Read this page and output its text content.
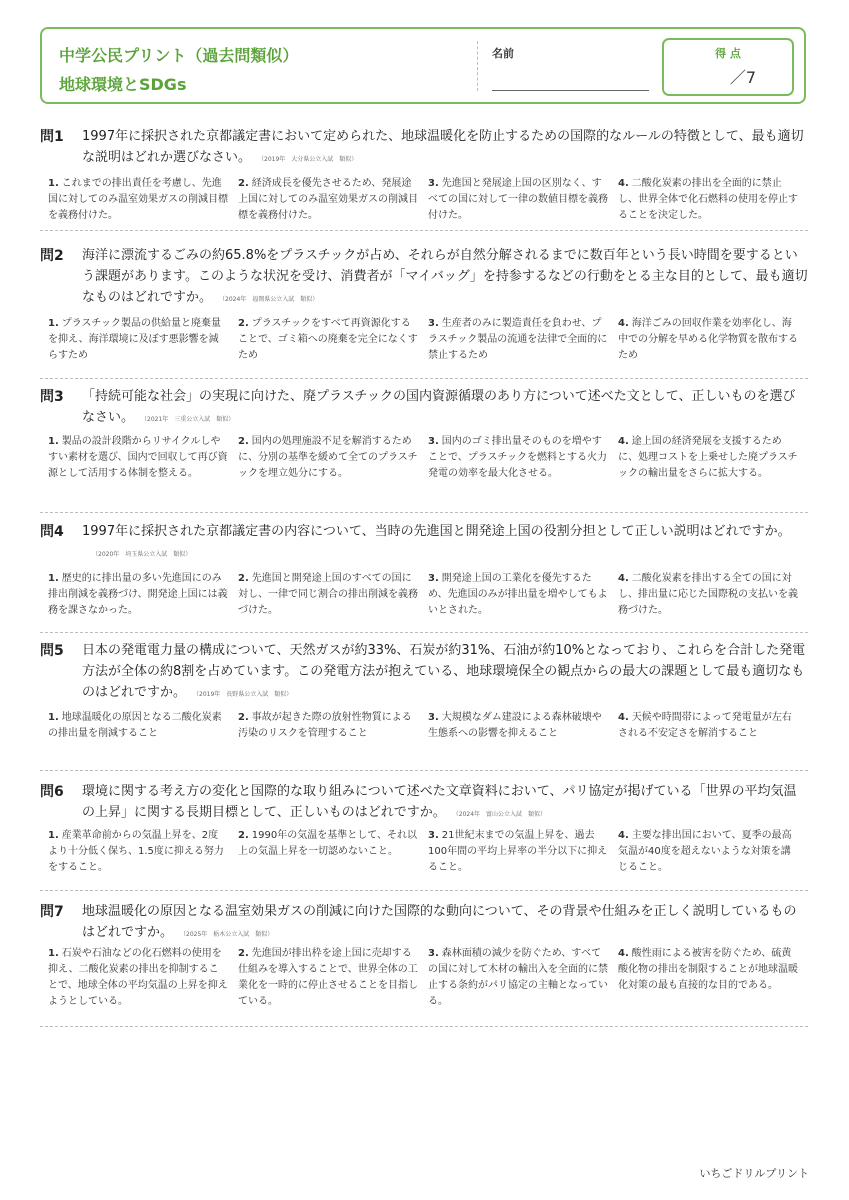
中学公民プリント（過去問類似）
地球環境とSDGs
名前	得 点
／7
問1 1997年に採択された京都議定書において定められた、地球温暖化を防止するための国際的なルールの特徴として、最も適切な説明はどれか選びなさい。 （2019年　大分県公立入試　類似）
1. これまでの排出責任を考慮し、先進国に対してのみ温室効果ガスの削減目標を義務付けた。
2. 経済成長を優先させるため、発展途上国に対してのみ温室効果ガスの削減目標を義務付けた。
3. 先進国と発展途上国の区別なく、すべての国に対して一律の数値目標を義務付けた。
4. 二酸化炭素の排出を全面的に禁止し、世界全体で化石燃料の使用を停止することを決定した。
問2 海洋に漂流するごみの約65.8%をプラスチックが占め、それらが自然分解されるまでに数百年という長い時間を要するという課題があります。このような状況を受け、消費者が「マイバッグ」を持参するなどの行動をとる主な目的として、最も適切なものはどれですか。 （2024年　福岡県公立入試　類似）
1. プラスチック製品の供給量と廃棄量を抑え、海洋環境に及ぼす悪影響を減らすため
2. プラスチックをすべて再資源化することで、ゴミ箱への廃棄を完全になくすため
3. 生産者のみに製造責任を負わせ、プラスチック製品の流通を法律で全面的に禁止するため
4. 海洋ごみの回収作業を効率化し、海中での分解を早める化学物質を散布するため
問3 「持続可能な社会」の実現に向けた、廃プラスチックの国内資源循環のあり方について述べた文として、正しいものを選びなさい。 （2021年　三重公立入試　類似）
1. 製品の設計段階からリサイクルしやすい素材を選び、国内で回収して再び資源として活用する体制を整える。
2. 国内の処理施設不足を解消するために、分別の基準を緩めて全てのプラスチックを埋立処分にする。
3. 国内のゴミ排出量そのものを増やすことで、プラスチックを燃料とする火力発電の効率を最大化させる。
4. 途上国の経済発展を支援するために、処理コストを上乗せした廃プラスチックの輸出量をさらに拡大する。
問4 1997年に採択された京都議定書の内容について、当時の先進国と開発途上国の役割分担として正しい説明はどれですか。（2020年　埼玉県公立入試　類似）
1. 歴史的に排出量の多い先進国にのみ排出削減を義務づけ、開発途上国には義務を課さなかった。
2. 先進国と開発途上国のすべての国に対し、一律で同じ割合の排出削減を義務づけた。
3. 開発途上国の工業化を優先するため、先進国のみが排出量を増やしてもよいとされた。
4. 二酸化炭素を排出する全ての国に対し、排出量に応じた国際税の支払いを義務づけた。
問5 日本の発電電力量の構成について、天然ガスが約33%、石炭が約31%、石油が約10%となっており、これらを合計した発電方法が全体の約8割を占めています。この発電方法が抱えている、地球環境保全の観点からの最大の課題として最も適切なものはどれですか。 （2019年　長野県公立入試　類似）
1. 地球温暖化の原因となる二酸化炭素の排出量を削減すること
2. 事故が起きた際の放射性物質による汚染のリスクを管理すること
3. 大規模なダム建設による森林破壊や生態系への影響を抑えること
4. 天候や時間帯によって発電量が左右される不安定さを解消すること
問6 環境に関する考え方の変化と国際的な取り組みについて述べた文章資料において、パリ協定が掲げている「世界の平均気温の上昇」に関する長期目標として、正しいものはどれですか。 （2024年　富山公立入試　類似）
1. 産業革命前からの気温上昇を、2度より十分低く保ち、1.5度に抑える努力をすること。
2. 1990年の気温を基準として、それ以上の気温上昇を一切認めないこと。
3. 21世紀末までの気温上昇を、過去100年間の平均上昇率の半分以下に抑えること。
4. 主要な排出国において、夏季の最高気温が40度を超えないような対策を講じること。
問7 地球温暖化の原因となる温室効果ガスの削減に向けた国際的な動向について、その背景や仕組みを正しく説明しているものはどれですか。 （2025年　栃木公立入試　類似）
1. 石炭や石油などの化石燃料の使用を抑え、二酸化炭素の排出を抑制することで、地球全体の平均気温の上昇を抑えようとしている。
2. 先進国が排出枠を途上国に売却する仕組みを導入することで、世界全体の工業化を一時的に停止させることを目指している。
3. 森林面積の減少を防ぐため、すべての国に対して木材の輸出入を全面的に禁止する条約がパリ協定の主軸となっている。
4. 酸性雨による被害を防ぐため、硫黄酸化物の排出を制限することが地球温暖化対策の最も直接的な目的である。
いちごドリルプリント
